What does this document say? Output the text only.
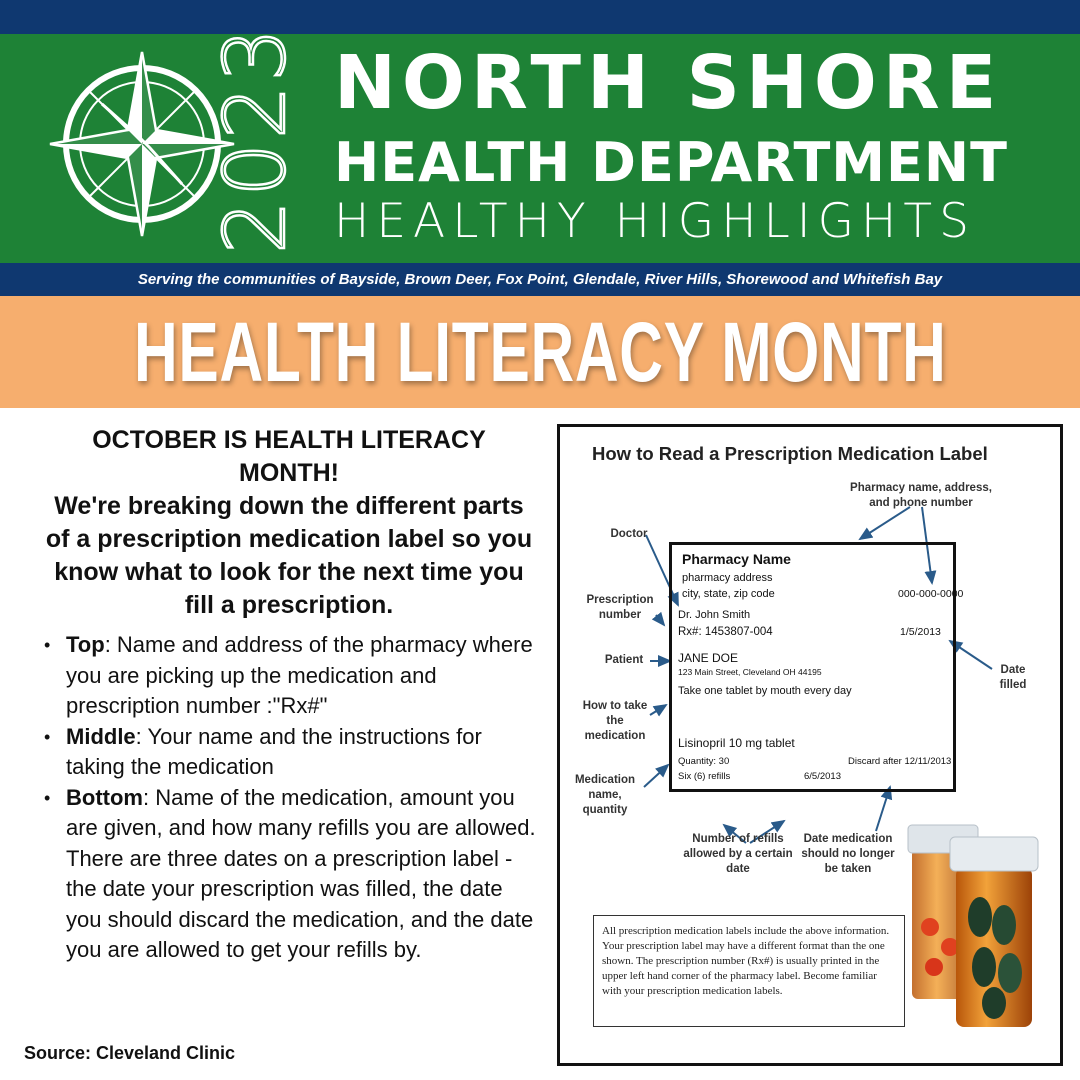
2023 NORTH SHORE
HEALTH DEPARTMENT
HEALTHY HIGHLIGHTS
Serving the communities of Bayside, Brown Deer, Fox Point, Glendale, River Hills, Shorewood and Whitefish Bay
HEALTH LITERACY MONTH
OCTOBER IS HEALTH LITERACY MONTH!
We're breaking down the different parts of a prescription medication label so you know what to look for the next time you fill a prescription.
• Top: Name and address of the pharmacy where you are picking up the medication and prescription number :"Rx#"
• Middle: Your name and the instructions for taking the medication
• Bottom: Name of the medication, amount you are given, and how many refills you are allowed. There are three dates on a prescription label - the date your prescription was filled, the date you should discard the medication, and the date you are allowed to get your refills by.
Source: Cleveland Clinic
How to Read a Prescription Medication Label
Pharmacy Name
pharmacy address
city, state, zip code	000-000-0000
Dr. John Smith
Rx#: 1453807-004	1/5/2013
JANE DOE
123 Main Street, Cleveland OH 44195
Take one tablet by mouth every day
Lisinopril 10 mg tablet
Quantity: 30	Discard after 12/11/2013
Six (6) refills	6/5/2013
Pharmacy name, address, and phone number
Doctor
Prescription number
Patient
How to take the medication
Medication name, quantity
Date filled
Number of refills allowed by a certain date
Date medication should no longer be taken
All prescription medication labels include the above information. Your prescription label may have a different format than the one shown. The prescription number (Rx#) is usually printed in the upper left hand corner of the pharmacy label. Become familiar with your prescription medication labels.
